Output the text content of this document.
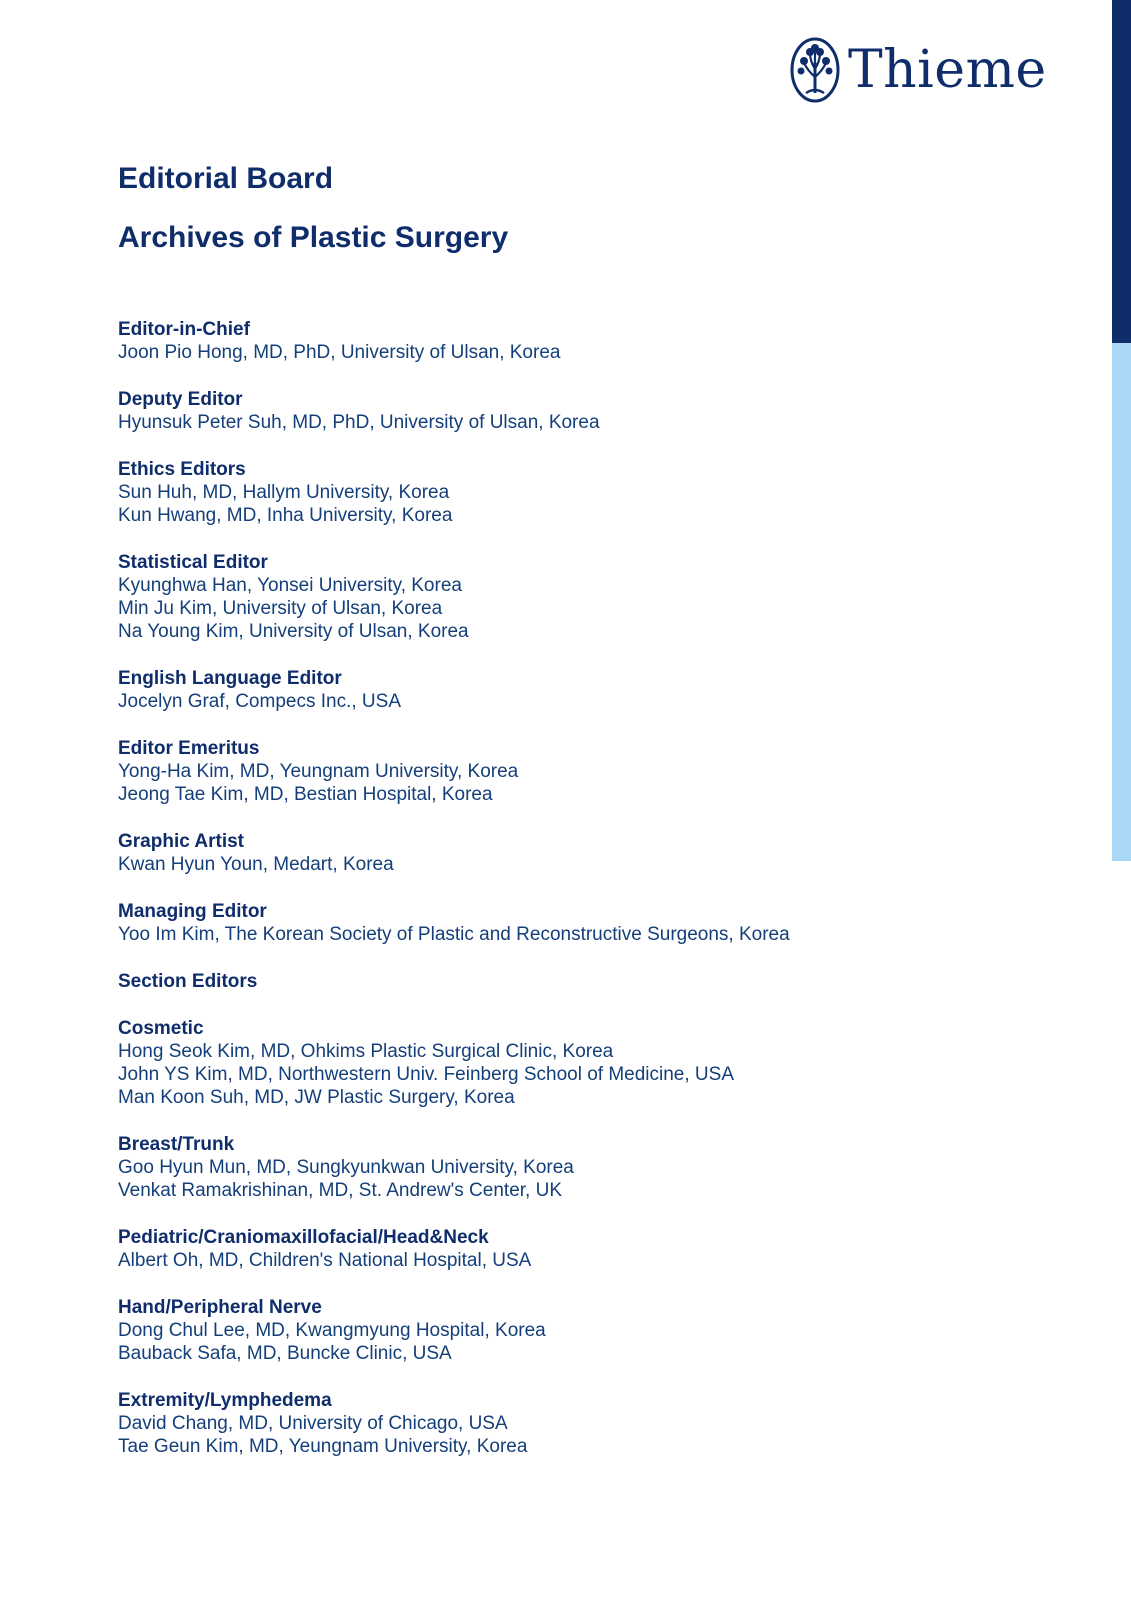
Thieme
Editorial Board
Archives of Plastic Surgery
Editor-in-Chief
Joon Pio Hong, MD, PhD, University of Ulsan, Korea
Deputy Editor
Hyunsuk Peter Suh, MD, PhD, University of Ulsan, Korea
Ethics Editors
Sun Huh, MD, Hallym University, Korea
Kun Hwang, MD, Inha University, Korea
Statistical Editor
Kyunghwa Han, Yonsei University, Korea
Min Ju Kim, University of Ulsan, Korea
Na Young Kim, University of Ulsan, Korea
English Language Editor
Jocelyn Graf, Compecs Inc., USA
Editor Emeritus
Yong-Ha Kim, MD, Yeungnam University, Korea
Jeong Tae Kim, MD, Bestian Hospital, Korea
Graphic Artist
Kwan Hyun Youn, Medart, Korea
Managing Editor
Yoo Im Kim, The Korean Society of Plastic and Reconstructive Surgeons, Korea
Section Editors
Cosmetic
Hong Seok Kim, MD, Ohkims Plastic Surgical Clinic, Korea
John YS Kim, MD, Northwestern Univ. Feinberg School of Medicine, USA
Man Koon Suh, MD, JW Plastic Surgery, Korea
Breast/Trunk
Goo Hyun Mun, MD, Sungkyunkwan University, Korea
Venkat Ramakrishinan, MD, St. Andrew's Center, UK
Pediatric/Craniomaxillofacial/Head&Neck
Albert Oh, MD, Children's National Hospital, USA
Hand/Peripheral Nerve
Dong Chul Lee, MD, Kwangmyung Hospital, Korea
Bauback Safa, MD, Buncke Clinic, USA
Extremity/Lymphedema
David Chang, MD, University of Chicago, USA
Tae Geun Kim, MD, Yeungnam University, Korea
